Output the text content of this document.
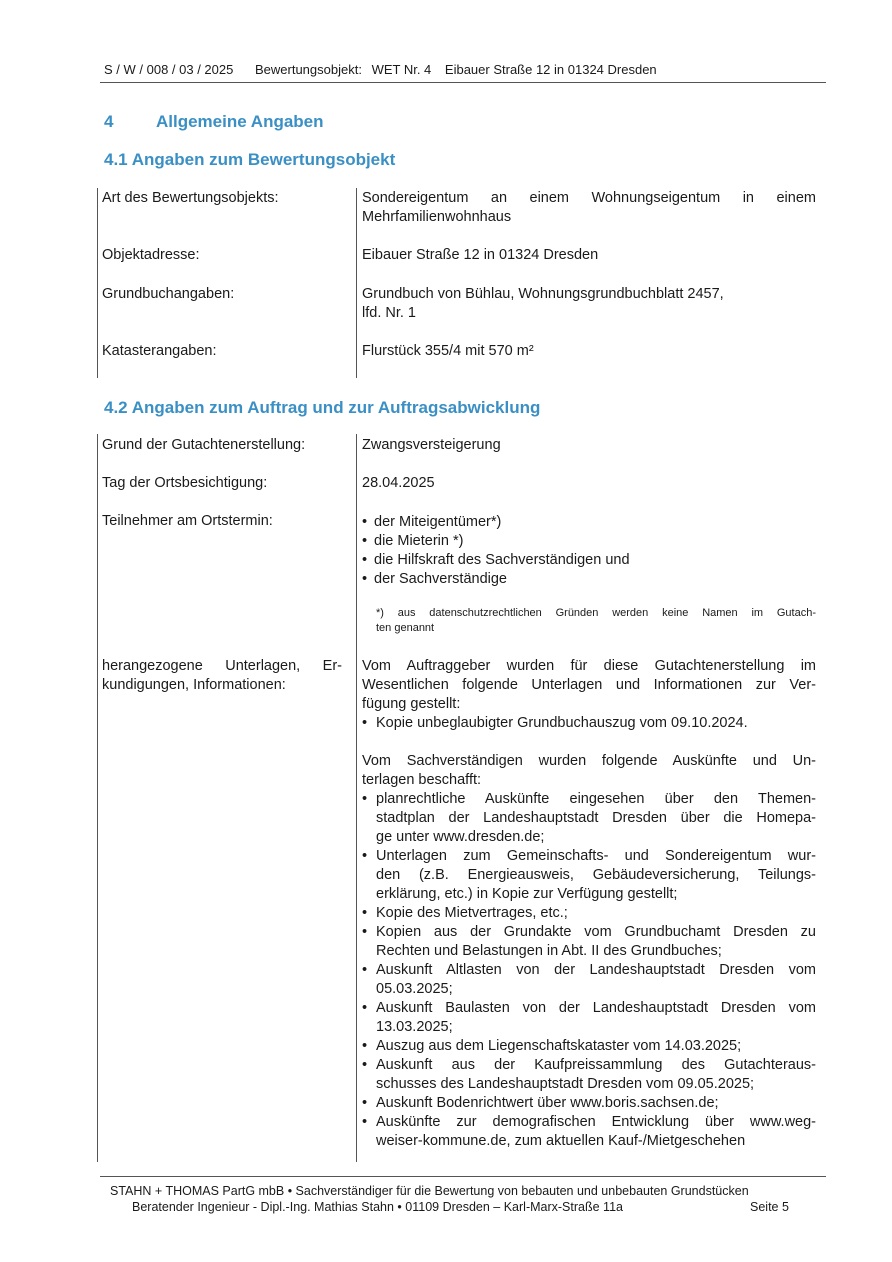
S / W / 008 / 03 / 2025 Bewertungsobjekt: WET Nr. 4 Eibauer Straße 12 in 01324 Dresden
4	Allgemeine Angaben
4.1 Angaben zum Bewertungsobjekt
Art des Bewertungsobjekts:	Sondereigentum an einem Wohnungseigentum in einem
Mehrfamilienwohnhaus
Objektadresse:	Eibauer Straße 12 in 01324 Dresden
Grundbuchangaben:	Grundbuch von Bühlau, Wohnungsgrundbuchblatt 2457,
lfd. Nr. 1
Katasterangaben:	Flurstück 355/4 mit 570 m²
4.2 Angaben zum Auftrag und zur Auftragsabwicklung
Grund der Gutachtenerstellung:	Zwangsversteigerung
Tag der Ortsbesichtigung:	28.04.2025
Teilnehmer am Ortstermin:
•	der Miteigentümer*)
• die Mieterin *)
• die Hilfskraft des Sachverständigen und
• der Sachverständige
*) aus datenschutzrechtlichen Gründen werden keine Namen im Gutach-
ten genannt
herangezogene Unterlagen, Er-
kundigungen, Informationen:
Vom Auftraggeber wurden für diese Gutachtenerstellung im
Wesentlichen folgende Unterlagen und Informationen zur Ver-
fügung gestellt:
• Kopie unbeglaubigter Grundbuchauszug vom 09.10.2024.
Vom Sachverständigen wurden folgende Auskünfte und Un-
terlagen beschafft:
• planrechtliche Auskünfte eingesehen über den Themen-
stadtplan der Landeshauptstadt Dresden über die Homepa-
ge unter www.dresden.de;
• Unterlagen zum Gemeinschafts- und Sondereigentum wur-
den (z.B. Energieausweis, Gebäudeversicherung, Teilungs-
erklärung, etc.) in Kopie zur Verfügung gestellt;
• Kopie des Mietvertrages, etc.;
• Kopien aus der Grundakte vom Grundbuchamt Dresden zu
Rechten und Belastungen in Abt. II des Grundbuches;
• Auskunft Altlasten von der Landeshauptstadt Dresden vom
05.03.2025;
• Auskunft Baulasten von der Landeshauptstadt Dresden vom
13.03.2025;
• Auszug aus dem Liegenschaftskataster vom 14.03.2025;
• Auskunft aus der Kaufpreissammlung des Gutachteraus-
schusses des Landeshauptstadt Dresden vom 09.05.2025;
• Auskunft Bodenrichtwert über www.boris.sachsen.de;
• Auskünfte zur demografischen Entwicklung über www.weg-
weiser-kommune.de, zum aktuellen Kauf-/Mietgeschehen
STAHN + THOMAS PartG mbB • Sachverständiger für die Bewertung von bebauten und unbebauten Grundstücken
Beratender Ingenieur - Dipl.-Ing. Mathias Stahn • 01109 Dresden – Karl-Marx-Straße 11a	Seite 5
